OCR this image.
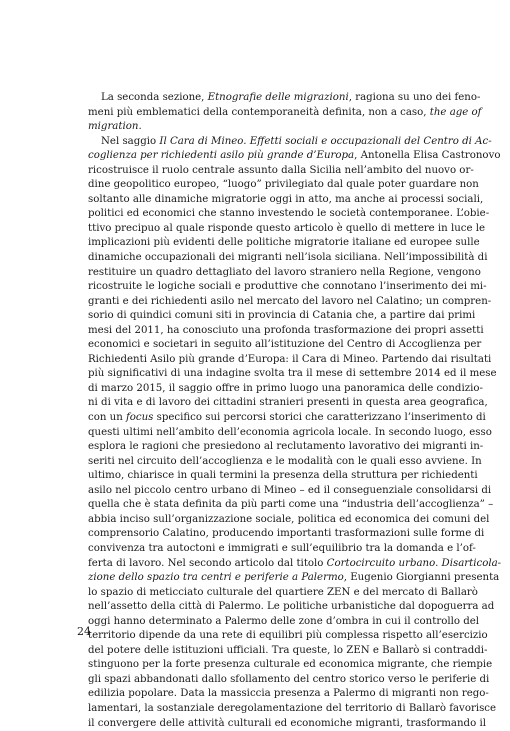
La seconda sezione, Etnografie delle migrazioni, ragiona su uno dei feno-
meni più emblematici della contemporaneità definita, non a caso, the age of
migration.
Nel saggio Il Cara di Mineo. Effetti sociali e occupazionali del Centro di Ac-
coglienza per richiedenti asilo più grande d’Europa, Antonella Elisa Castronovo
ricostruisce il ruolo centrale assunto dalla Sicilia nell’ambito del nuovo or-
dine geopolitico europeo, “luogo” privilegiato dal quale poter guardare non
soltanto alle dinamiche migratorie oggi in atto, ma anche ai processi sociali,
politici ed economici che stanno investendo le società contemporanee. L’obie-
ttivo precipuo al quale risponde questo articolo è quello di mettere in luce le
implicazioni più evidenti delle politiche migratorie italiane ed europee sulle
dinamiche occupazionali dei migranti nell’isola siciliana. Nell’impossibilità di
restituire un quadro dettagliato del lavoro straniero nella Regione, vengono
ricostruite le logiche sociali e produttive che connotano l’inserimento dei mi-
granti e dei richiedenti asilo nel mercato del lavoro nel Calatino; un compren-
sorio di quindici comuni siti in provincia di Catania che, a partire dai primi
mesi del 2011, ha conosciuto una profonda trasformazione dei propri assetti
economici e societari in seguito all’istituzione del Centro di Accoglienza per
Richiedenti Asilo più grande d’Europa: il Cara di Mineo. Partendo dai risultati
più significativi di una indagine svolta tra il mese di settembre 2014 ed il mese
di marzo 2015, il saggio offre in primo luogo una panoramica delle condizio-
ni di vita e di lavoro dei cittadini stranieri presenti in questa area geografica,
con un focus specifico sui percorsi storici che caratterizzano l’inserimento di
questi ultimi nell’ambito dell’economia agricola locale. In secondo luogo, esso
esplora le ragioni che presiedono al reclutamento lavorativo dei migranti in-
seriti nel circuito dell’accoglienza e le modalità con le quali esso avviene. In
ultimo, chiarisce in quali termini la presenza della struttura per richiedenti
asilo nel piccolo centro urbano di Mineo – ed il conseguenziale consolidarsi di
quella che è stata definita da più parti come una “industria dell’accoglienza” –
abbia inciso sull’organizzazione sociale, politica ed economica dei comuni del
comprensorio Calatino, producendo importanti trasformazioni sulle forme di
convivenza tra autoctoni e immigrati e sull’equilibrio tra la domanda e l’of-
ferta di lavoro. Nel secondo articolo dal titolo Cortocircuito urbano. Disarticola-
zione dello spazio tra centri e periferie a Palermo, Eugenio Giorgianni presenta
lo spazio di meticciato culturale del quartiere ZEN e del mercato di Ballarò
nell’assetto della città di Palermo. Le politiche urbanistiche dal dopoguerra ad
oggi hanno determinato a Palermo delle zone d’ombra in cui il controllo del
territorio dipende da una rete di equilibri più complessa rispetto all’esercizio
del potere delle istituzioni ufficiali. Tra queste, lo ZEN e Ballarò si contraddi-
stinguono per la forte presenza culturale ed economica migrante, che riempie
gli spazi abbandonati dallo sfollamento del centro storico verso le periferie di
edilizia popolare. Data la massiccia presenza a Palermo di migranti non rego-
lamentari, la sostanziale deregolamentazione del territorio di Ballarò favorisce
il convergere delle attività culturali ed economiche migranti, trasformando il
24
